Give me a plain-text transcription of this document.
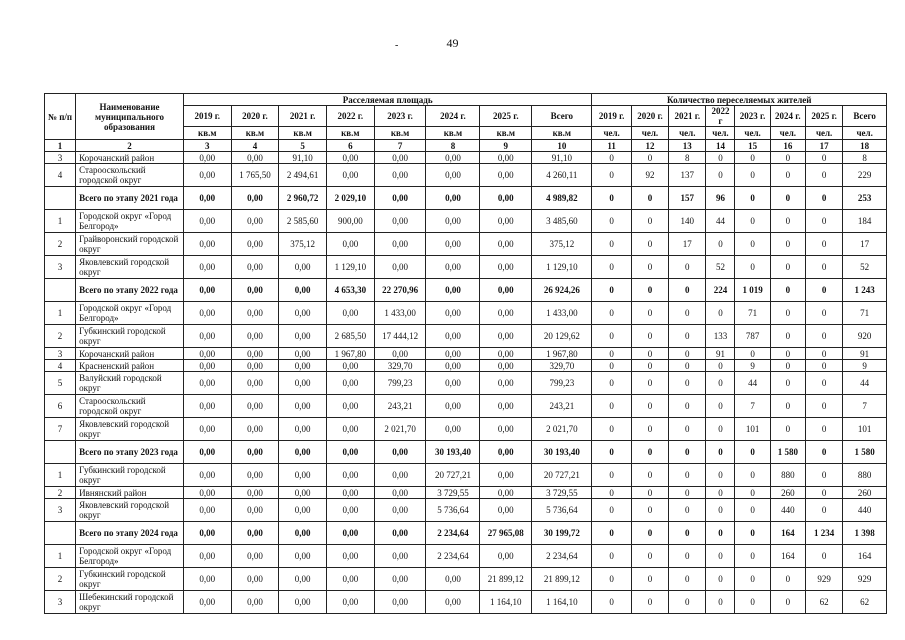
49
-
№ п/п	Наименование муниципального образования	Расселяемая площадь								Количество переселяемых жителей							
		2019 г.	2020 г.	2021 г.	2022 г.	2023 г.	2024 г.	2025 г.	Всего	2019 г.	2020 г.	2021 г.	2022 г	2023 г.	2024 г.	2025 г.	Всего
		кв.м	кв.м	кв.м	кв.м	кв.м	кв.м	кв.м	кв.м	чел.	чел.	чел.	чел.	чел.	чел.	чел.	чел.
1	2	3	4	5	6	7	8	9	10	11	12	13	14	15	16	17	18
3	Корочанский район	0,00	0,00	91,10	0,00	0,00	0,00	0,00	91,10	0	0	8	0	0	0	0	8
4	Старооскольский городской округ	0,00	1 765,50	2 494,61	0,00	0,00	0,00	0,00	4 260,11	0	92	137	0	0	0	0	229
	Всего по этапу 2021 года	0,00	0,00	2 960,72	2 029,10	0,00	0,00	0,00	4 989,82	0	0	157	96	0	0	0	253
1	Городской округ «Город Белгород»	0,00	0,00	2 585,60	900,00	0,00	0,00	0,00	3 485,60	0	0	140	44	0	0	0	184
2	Грайворонский городской округ	0,00	0,00	375,12	0,00	0,00	0,00	0,00	375,12	0	0	17	0	0	0	0	17
3	Яковлевский городской округ	0,00	0,00	0,00	1 129,10	0,00	0,00	0,00	1 129,10	0	0	0	52	0	0	0	52
	Всего по этапу 2022 года	0,00	0,00	0,00	4 653,30	22 270,96	0,00	0,00	26 924,26	0	0	0	224	1 019	0	0	1 243
1	Городской округ «Город Белгород»	0,00	0,00	0,00	0,00	1 433,00	0,00	0,00	1 433,00	0	0	0	0	71	0	0	71
2	Губкинский городской округ	0,00	0,00	0,00	2 685,50	17 444,12	0,00	0,00	20 129,62	0	0	0	133	787	0	0	920
3	Корочанский район	0,00	0,00	0,00	1 967,80	0,00	0,00	0,00	1 967,80	0	0	0	91	0	0	0	91
4	Красненский район	0,00	0,00	0,00	0,00	329,70	0,00	0,00	329,70	0	0	0	0	9	0	0	9
5	Валуйский городской округ	0,00	0,00	0,00	0,00	799,23	0,00	0,00	799,23	0	0	0	0	44	0	0	44
6	Старооскольский городской округ	0,00	0,00	0,00	0,00	243,21	0,00	0,00	243,21	0	0	0	0	7	0	0	7
7	Яковлевский городской округ	0,00	0,00	0,00	0,00	2 021,70	0,00	0,00	2 021,70	0	0	0	0	101	0	0	101
	Всего по этапу 2023 года	0,00	0,00	0,00	0,00	0,00	30 193,40	0,00	30 193,40	0	0	0	0	0	1 580	0	1 580
1	Губкинский городской округ	0,00	0,00	0,00	0,00	0,00	20 727,21	0,00	20 727,21	0	0	0	0	0	880	0	880
2	Ивнянский район	0,00	0,00	0,00	0,00	0,00	3 729,55	0,00	3 729,55	0	0	0	0	0	260	0	260
3	Яковлевский городской округ	0,00	0,00	0,00	0,00	0,00	5 736,64	0,00	5 736,64	0	0	0	0	0	440	0	440
	Всего по этапу 2024 года	0,00	0,00	0,00	0,00	0,00	2 234,64	27 965,08	30 199,72	0	0	0	0	0	164	1 234	1 398
1	Городской округ «Город Белгород»	0,00	0,00	0,00	0,00	0,00	2 234,64	0,00	2 234,64	0	0	0	0	0	164	0	164
2	Губкинский городской округ	0,00	0,00	0,00	0,00	0,00	0,00	21 899,12	21 899,12	0	0	0	0	0	0	929	929
3	Шебекинский городской округ	0,00	0,00	0,00	0,00	0,00	0,00	1 164,10	1 164,10	0	0	0	0	0	0	62	62
